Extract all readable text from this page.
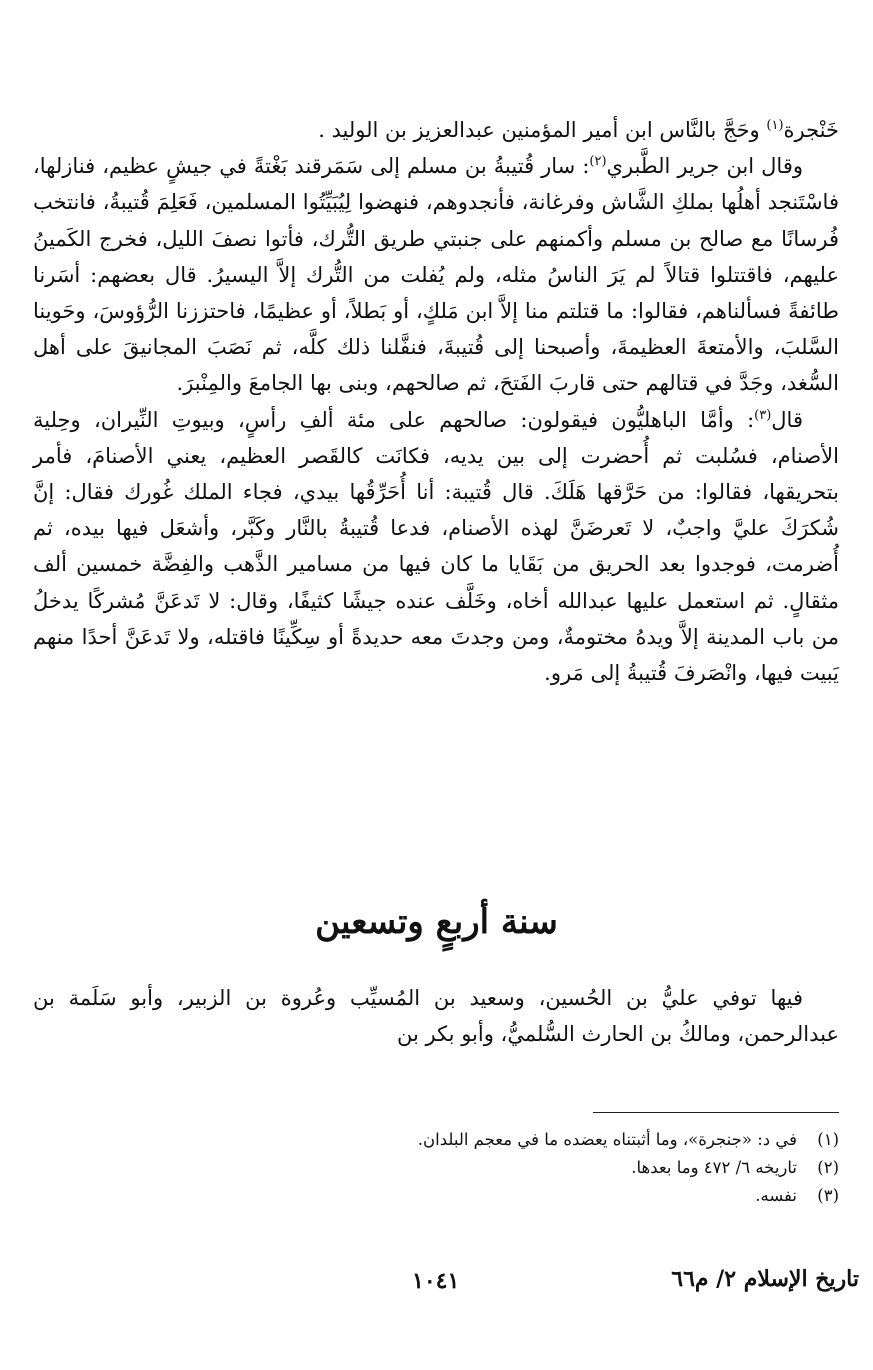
خَنْجرة$^{(١)}$ وحَجَّ بالنَّاس ابن أمير المؤمنين عبدالعزيز بن الوليد .

وقال ابن جرير الطَّبري$^{(٢)}$: سار قُتيبةُ بن مسلم إلى سَمَرقند بَغْتةً في جيشٍ عظيم، فنازلها، فاسْتَنجد أهلُها بملكِ الشَّاش وفرغانة، فأنجدوهم، فنهضوا لِيُبَيِّتُوا المسلمين، فَعَلِمَ قُتيبةُ، فانتخب فُرسانًا مع صالح بن مسلم وأكمنهم على جنبتي طريق التُّرك، فأتوا نصفَ الليل، فخرج الكَمينُ عليهم، فاقتتلوا قتالاً لم يَرَ الناسُ مثله، ولم يُفلت من التُّرك إلاَّ اليسيرُ. قال بعضهم: أسَرنا طائفةً فسألناهم، فقالوا: ما قتلتم منا إلاَّ ابن مَلكٍ، أو بَطلاً، أو عظيمًا، فاحتززنا الرُّؤوسَ، وحَوينا السَّلبَ، والأمتعةَ العظيمةَ، وأصبحنا إلى قُتيبةَ، فنفَّلنا ذلك كلَّه، ثم نَصَبَ المجانيقَ على أهل السُّغد، وجَدَّ في قتالهم حتى قاربَ الفَتحَ، ثم صالحهم، وبنى بها الجامعَ والمِنْبرَ.

قال$^{(٣)}$: وأمَّا الباهليُّون فيقولون: صالحهم على مئة ألفِ رأسٍ، وبيوتِ النِّيران، وحِلية الأصنام، فسُلبت ثم أُحضرت إلى بين يديه، فكانَت كالقَصر العظيم، يعني الأصنامَ، فأمر بتحريقها، فقالوا: من حَرَّقها هَلَكَ. قال قُتيبة: أنا أُحَرِّقُها بيدي، فجاء الملك غُورك فقال: إنَّ شُكرَكَ عليَّ واجبٌ، لا تَعرضَنَّ لهذه الأصنام، فدعا قُتيبةُ بالنَّار وكَبَّر، وأشعَل فيها بيده، ثم أُضرمت، فوجدوا بعد الحريق من بَقَايا ما كان فيها من مسامير الذَّهب والفِضَّة خمسين ألف مثقالٍ. ثم استعمل عليها عبدالله أخاه، وخَلَّف عنده جيشًا كثيفًا، وقال: لا تَدعَنَّ مُشركًا يدخلُ من باب المدينة إلاَّ ويدهُ مختومةٌ، ومن وجدتَ معه حديدةً أو سِكِّينًا فاقتله، ولا تَدعَنَّ أحدًا منهم يَبيت فيها، وانْصَرفَ قُتيبةُ إلى مَرو.

سنة أربعٍ وتسعين

فيها توفي عليُّ بن الحُسين، وسعيد بن المُسيِّب وعُروة بن الزبير، وأبو سَلَمة بن عبدالرحمن، ومالكُ بن الحارث السُّلميُّ، وأبو بكر بن

(١)
في د: «جنجرة»، وما أثبتناه يعضده ما في معجم البلدان.
(٢)
تاريخه ٦/ ٤٧٢ وما بعدها.
(٣)
نفسه.
تاريخ الإسلام ٢/ م٦٦
١٠٤١
